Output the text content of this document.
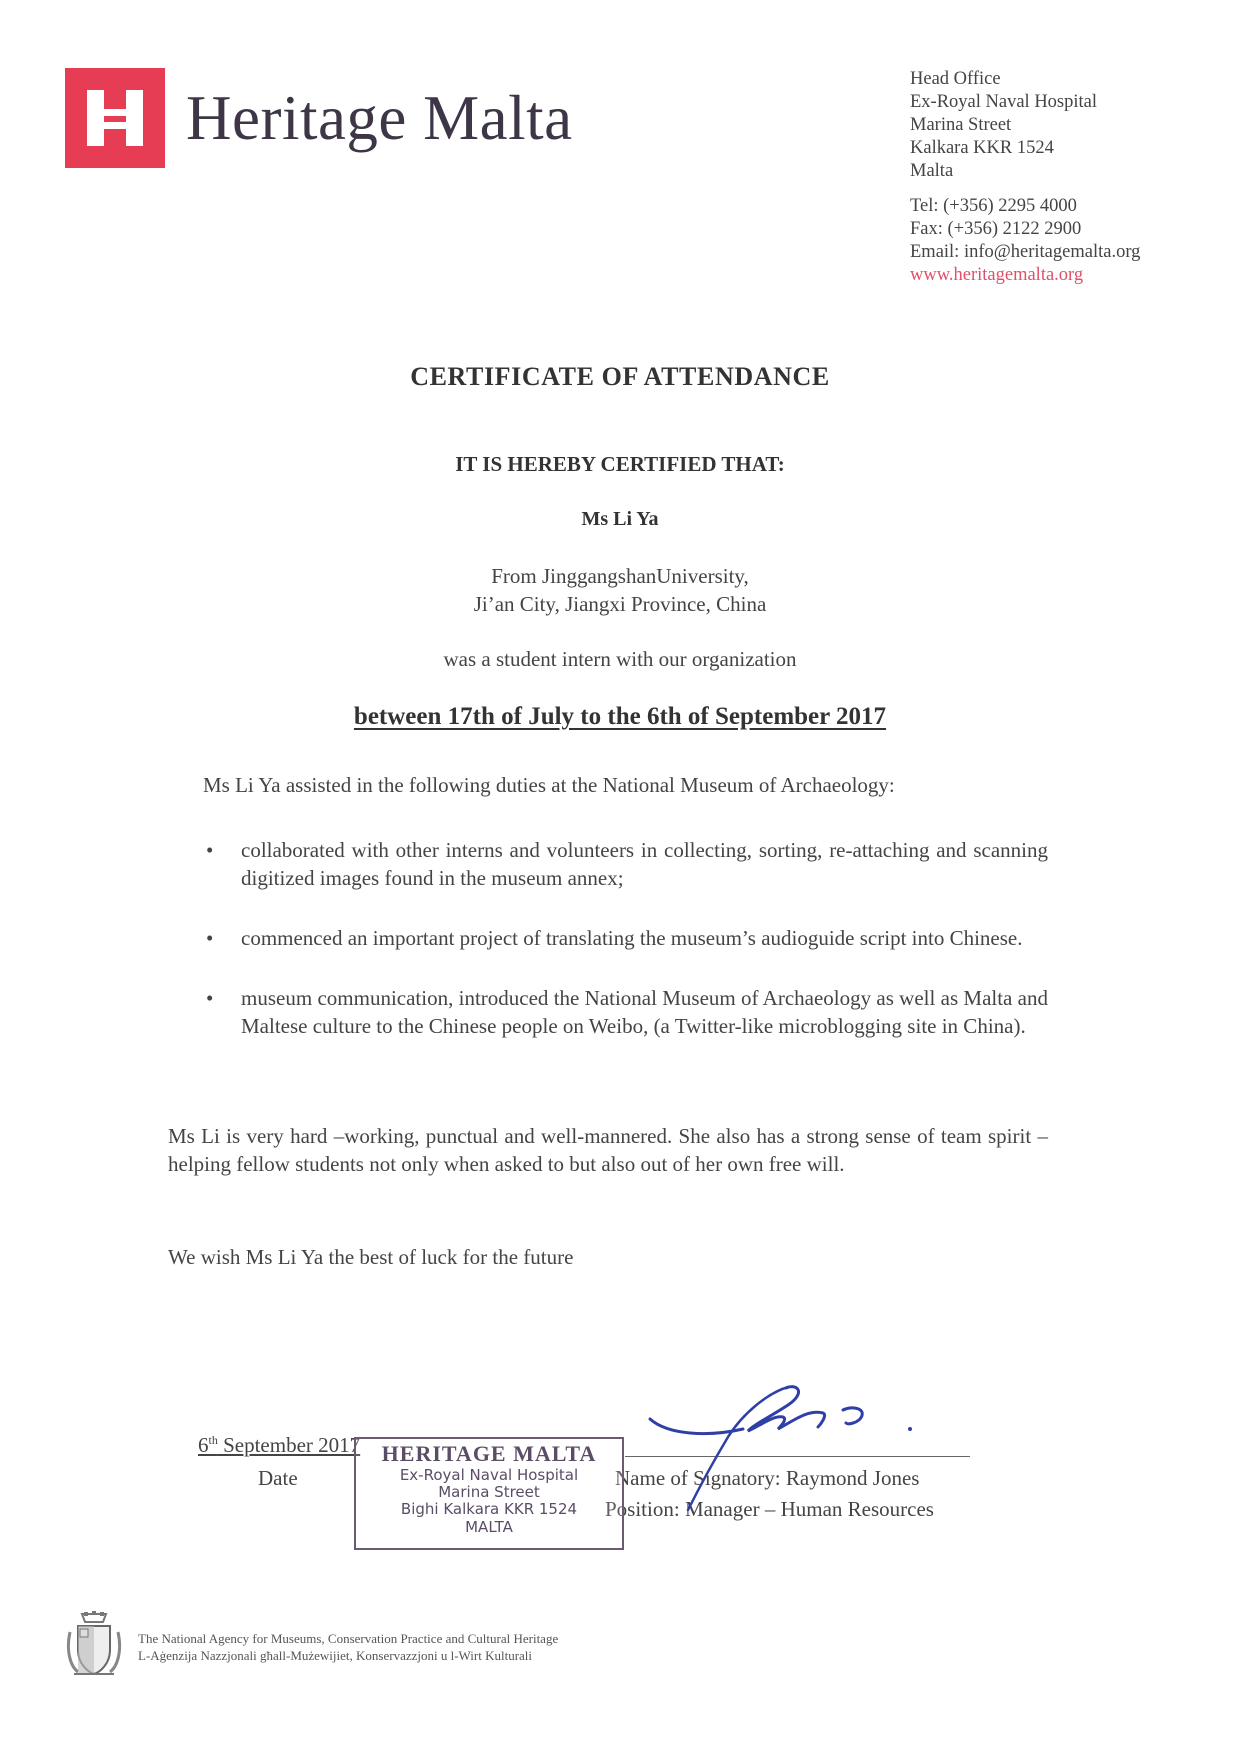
Heritage Malta
Head Office
Ex-Royal Naval Hospital
Marina Street
Kalkara KKR 1524
Malta
Tel: (+356) 2295 4000
Fax: (+356) 2122 2900
Email: info@heritagemalta.org
www.heritagemalta.org
CERTIFICATE OF ATTENDANCE
IT IS HEREBY CERTIFIED THAT:
Ms Li Ya
From JinggangshanUniversity,
Ji’an City, Jiangxi Province, China
was a student intern with our organization
between 17th of July to the 6th of September 2017
Ms Li Ya assisted in the following duties at the National Museum of Archaeology:
• collaborated with other interns and volunteers in collecting, sorting, re-attaching and scanning digitized images found in the museum annex;
• commenced an important project of translating the museum’s audioguide script into Chinese.
• museum communication, introduced the National Museum of Archaeology as well as Malta and Maltese culture to the Chinese people on Weibo, (a Twitter-like microblogging site in China).
Ms Li is very hard –working, punctual and well-mannered. She also has a strong sense of team spirit – helping fellow students not only when asked to but also out of her own free will.
We wish Ms Li Ya the best of luck for the future
6th September 2017
Date	Name of Signatory: Raymond Jones
Position: Manager – Human Resources
HERITAGE MALTA
Ex-Royal Naval Hospital
Marina Street
Bighi Kalkara KKR 1524
MALTA
The National Agency for Museums, Conservation Practice and Cultural Heritage
L-Aġenzija Nazzjonali għall-Mużewijiet, Konservazzjoni u l-Wirt Kulturali
